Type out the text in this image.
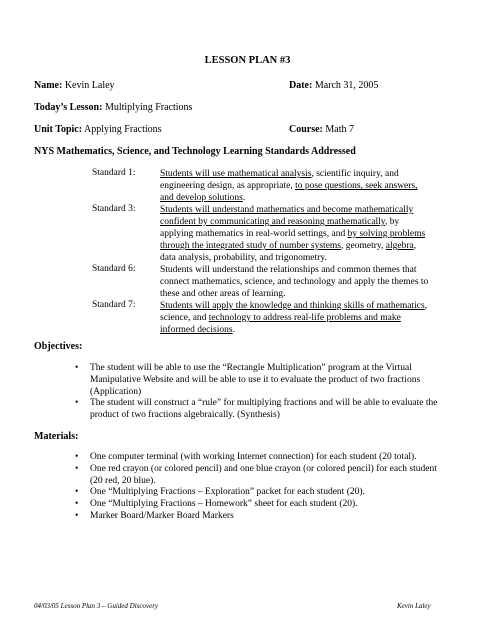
LESSON PLAN #3
Name: Kevin Laley	Date: March 31, 2005
Today’s Lesson: Multiplying Fractions
Unit Topic: Applying Fractions	Course: Math 7
NYS Mathematics, Science, and Technology Learning Standards Addressed
Standard 1:	Students will use mathematical analysis, scientific inquiry, and engineering design, as appropriate, to pose questions, seek answers, and develop solutions.
Standard 3:	Students will understand mathematics and become mathematically confident by communicating and reasoning mathematically, by applying mathematics in real-world settings, and by solving problems through the integrated study of number systems, geometry, algebra, data analysis, probability, and trigonometry.
Standard 6:	Students will understand the relationships and common themes that connect mathematics, science, and technology and apply the themes to these and other areas of learning.
Standard 7:	Students will apply the knowledge and thinking skills of mathematics, science, and technology to address real-life problems and make informed decisions.
Objectives:
• The student will be able to use the “Rectangle Multiplication” program at the Virtual Manipulative Website and will be able to use it to evaluate the product of two fractions (Application)
• The student will construct a “rule” for multiplying fractions and will be able to evaluate the product of two fractions algebraically. (Synthesis)
Materials:
• One computer terminal (with working Internet connection) for each student (20 total).
• One red crayon (or colored pencil) and one blue crayon (or colored pencil) for each student (20 red, 20 blue).
• One “Multiplying Fractions – Exploration” packet for each student (20).
• One “Multiplying Fractions – Homework” sheet for each student (20).
• Marker Board/Marker Board Markers
04/03/05 Lesson Plan 3 – Guided Discovery	Kevin Laley
